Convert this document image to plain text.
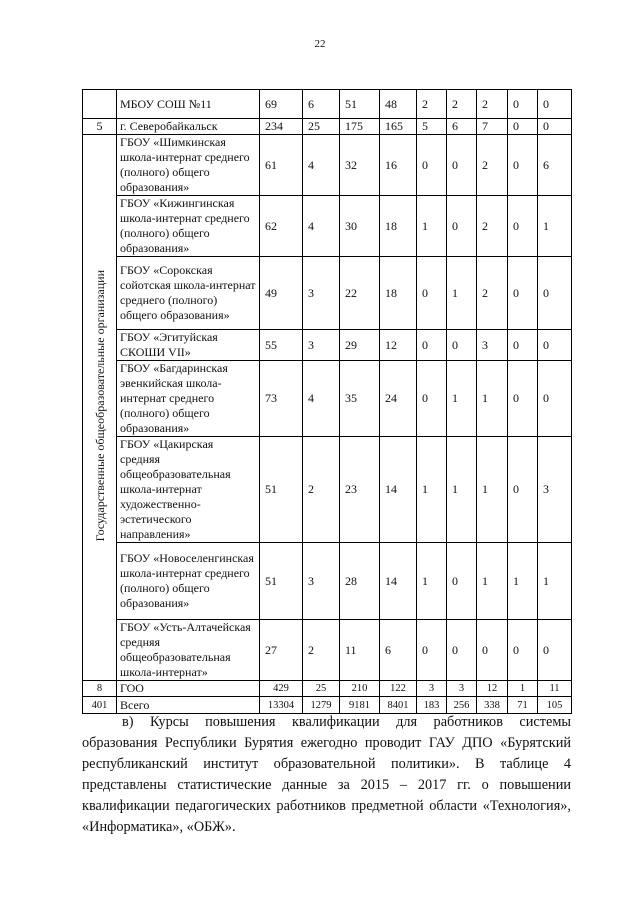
22
	МБОУ СОШ №11	69	6	51	48	2	2	2	0	0
5	г. Северобайкальск	234	25	175	165	5	6	7	0	0
Государственные общеобразовательные организации	ГБОУ «Шимкинская школа-интернат среднего (полного) общего образования»	61	4	32	16	0	0	2	0	6
	ГБОУ «Кижингинская школа-интернат среднего (полного) общего образования»	62	4	30	18	1	0	2	0	1
	ГБОУ «Сорокская сойотская школа-интернат среднего (полного) общего образования»	49	3	22	18	0	1	2	0	0
	ГБОУ «Эгитуйская СКОШИ VII»	55	3	29	12	0	0	3	0	0
	ГБОУ «Багдаринская эвенкийская школа-интернат среднего (полного) общего образования»	73	4	35	24	0	1	1	0	0
	ГБОУ «Цакирская средняя общеобразовательная школа-интернат художественно-эстетического направления»	51	2	23	14	1	1	1	0	3
	ГБОУ «Новоселенгинская школа-интернат среднего (полного) общего образования»	51	3	28	14	1	0	1	1	1
	ГБОУ «Усть-Алтачейская средняя общеобразовательная школа-интернат»	27	2	11	6	0	0	0	0	0
8	ГОО	429	25	210	122	3	3	12	1	11
401	Всего	13304	1279	9181	8401	183	256	338	71	105

в) Курсы повышения квалификации для работников системы образования Республики Бурятия ежегодно проводит ГАУ ДПО «Бурятский республиканский институт образовательной политики». В таблице 4 представлены статистические данные за 2015 – 2017 гг. о повышении квалификации педагогических работников предметной области «Технология», «Информатика», «ОБЖ».
